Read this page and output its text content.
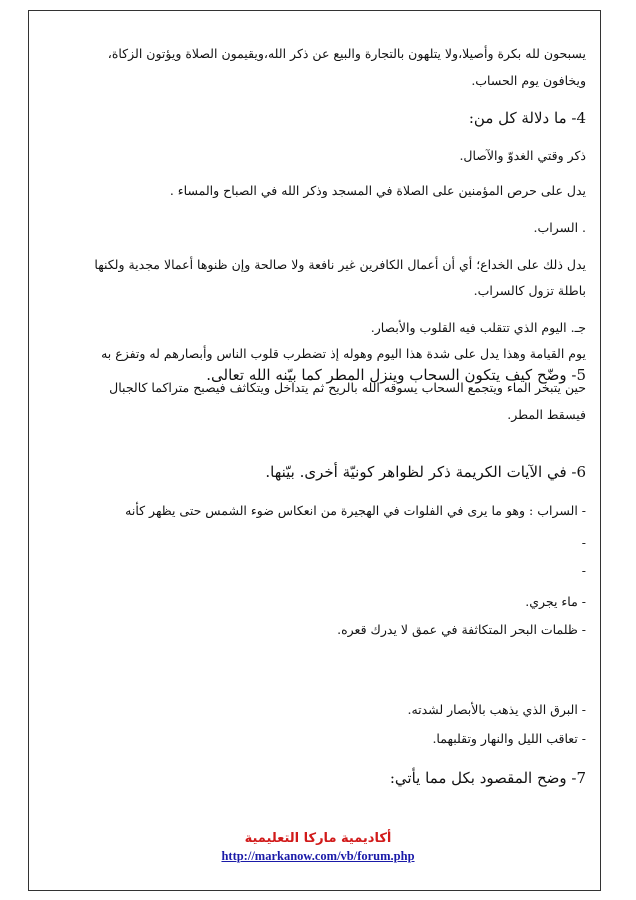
يسبحون لله بكرة وأصيلا،ولا يتلهون بالتجارة والبيع عن ذكر الله،ويقيمون الصلاة ويؤتون الزكاة،
ويخافون يوم الحساب.
4- ما دلالة كل من:
ذكر وقتي الغدوّ والآصال.
يدل على حرص المؤمنين على الصلاة في المسجد وذكر الله في الصباح والمساء .
. السراب.
يدل ذلك على الخداع؛ أي أن أعمال الكافرين غير نافعة ولا صالحة وإن ظنوها أعمالا مجدية ولكنها
باطلة تزول كالسراب.
جـ. اليوم الذي تتقلب فيه القلوب والأبصار.
يوم القيامة وهذا يدل على شدة هذا اليوم وهوله إذ تضطرب قلوب الناس وأبصارهم له وتفزع به
5- وضّح كيف يتكون السحاب وينزل المطر كما بيّنه الله تعالى.
حين يتبخر الماء ويتجمع السحاب يسوقه الله بالريح ثم يتداخل ويتكاثف فيصبح متراكما كالجبال
فيسقط المطر.
6- في الآيات الكريمة ذكر لظواهر كونيّة أخرى. بيّنها.
- السراب : وهو ما يرى في الفلوات في الهجيرة من انعكاس ضوء الشمس حتى يظهر كأنه
-
-
- ماء يجري.
- ظلمات البحر المتكاثفة في عمق لا يدرك قعره.
- البرق الذي يذهب بالأبصار لشدته.
- تعاقب الليل والنهار وتقلبهما.
7- وضح المقصود بكل مما يأتي:
أكاديمية ماركا التعليمية
http://markanow.com/vb/forum.php
